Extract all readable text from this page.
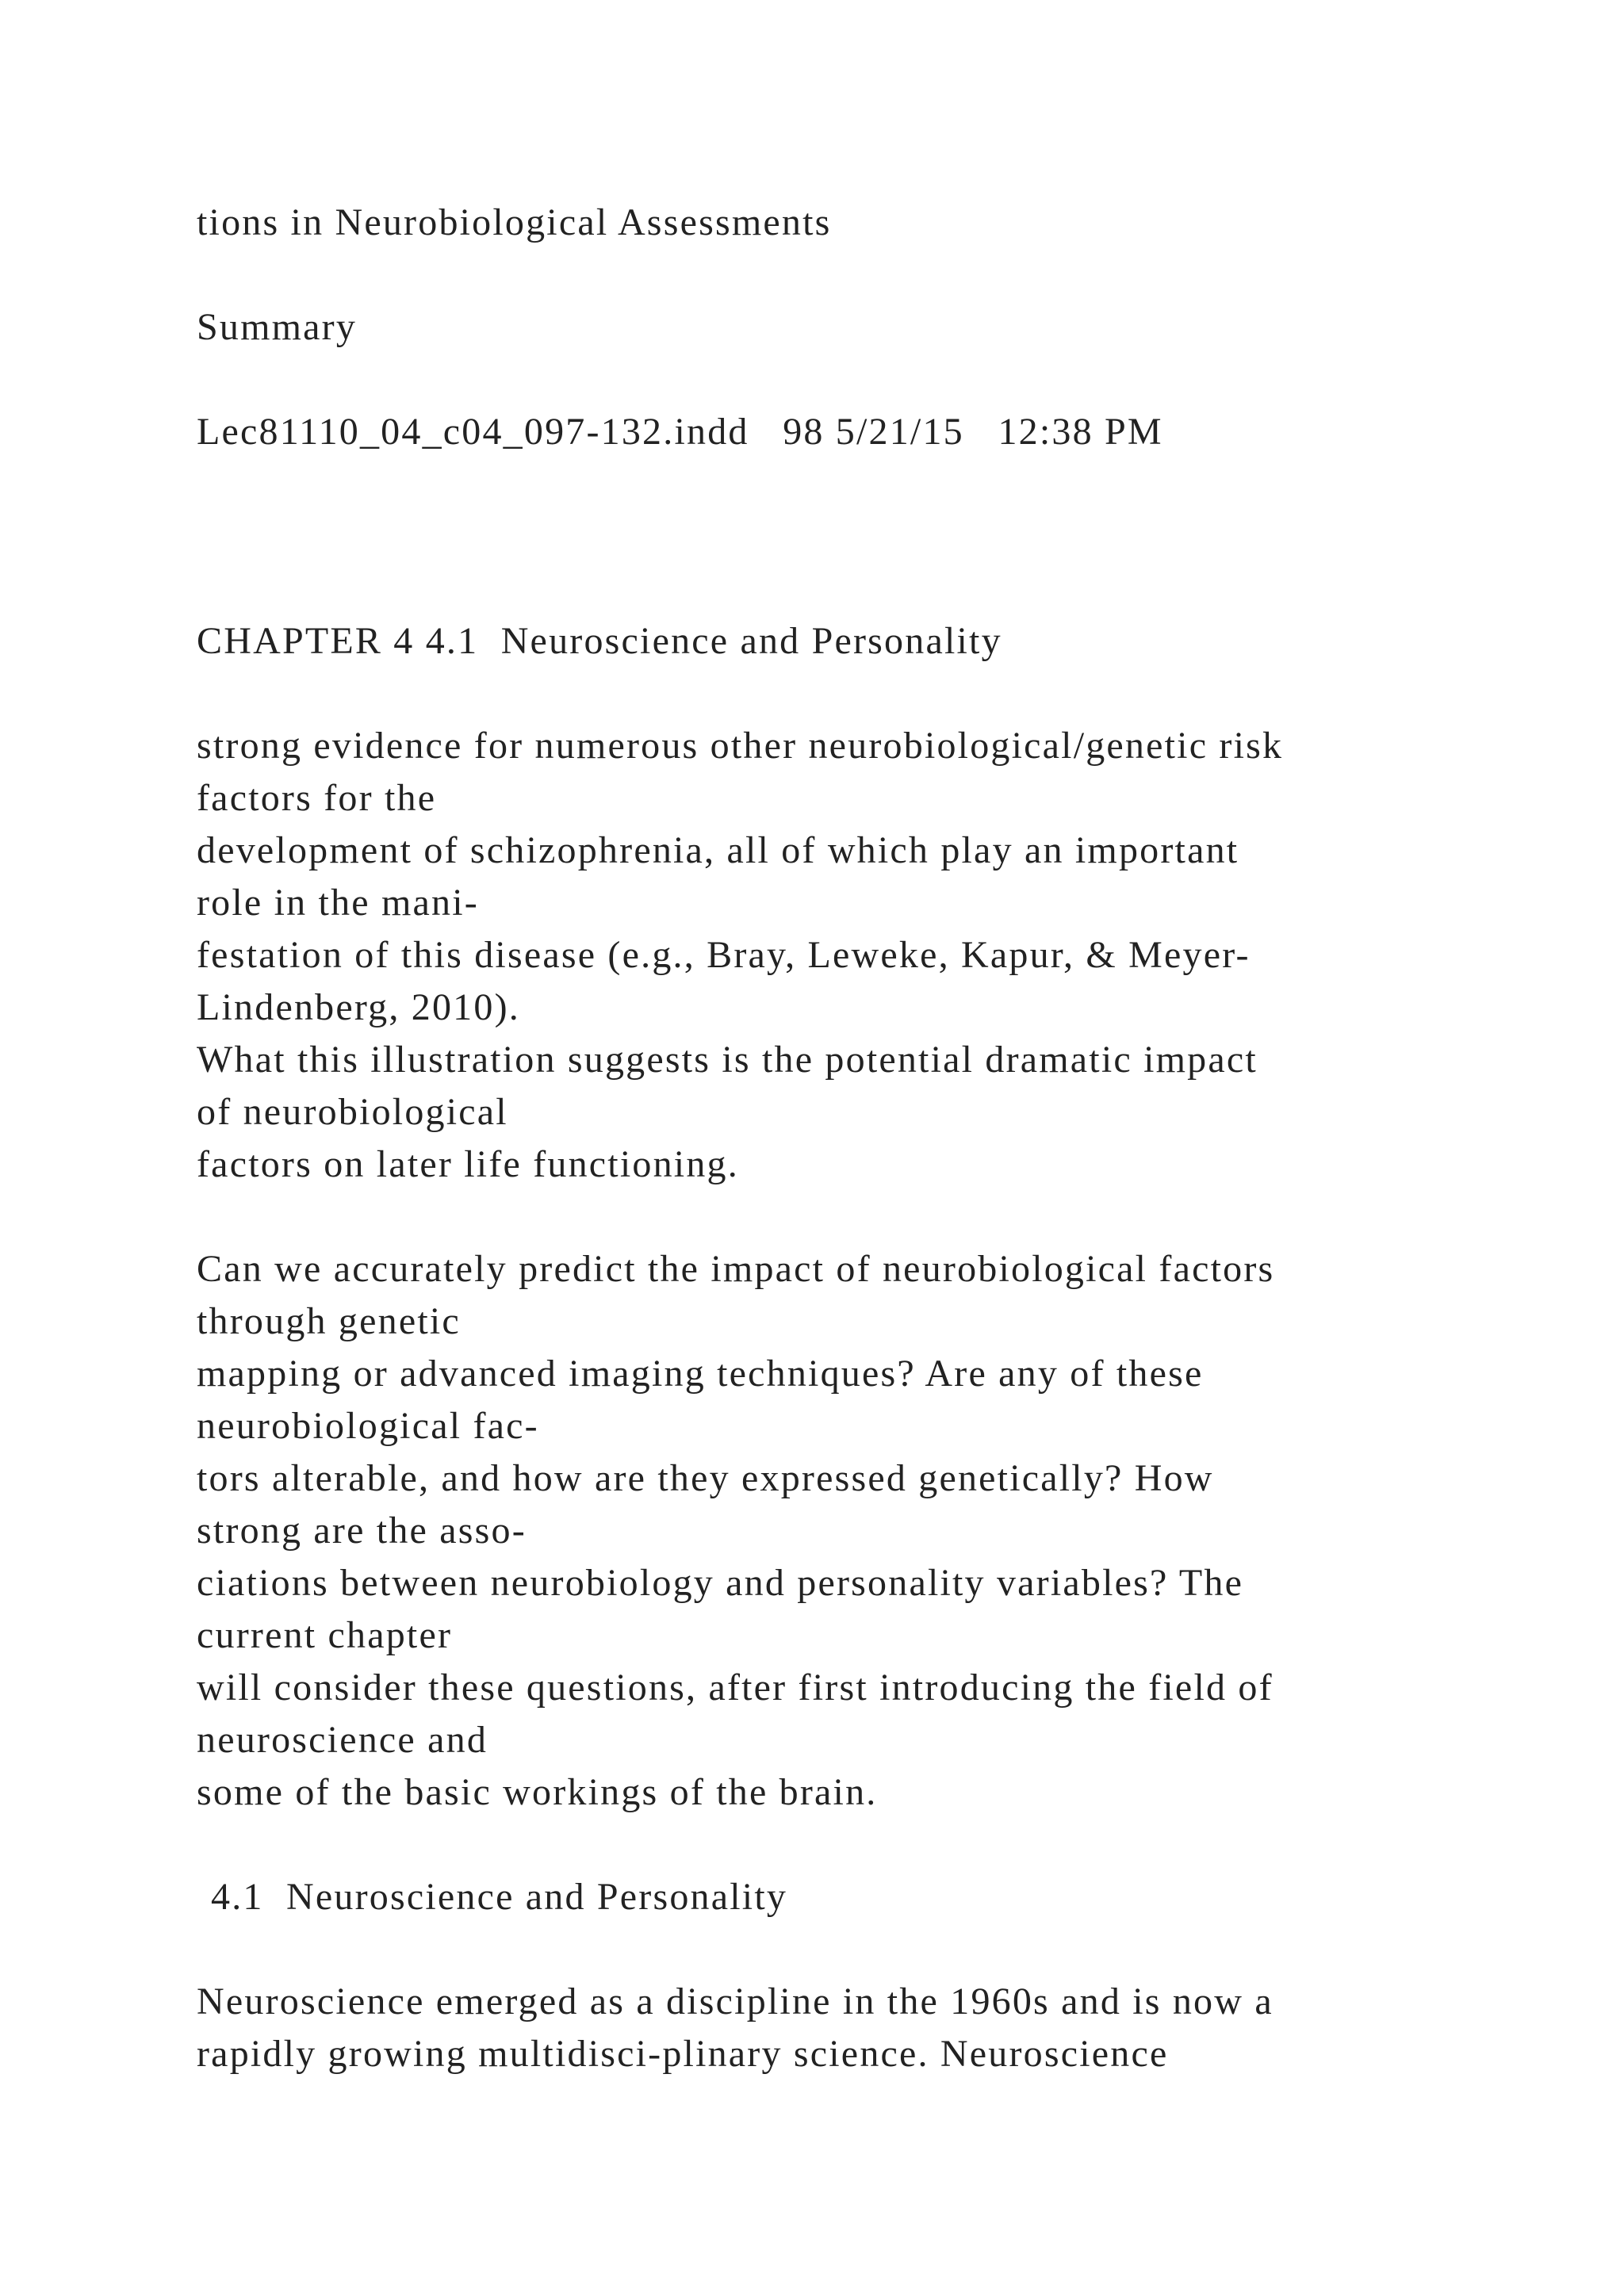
tions in Neurobiological Assessments

Summary

Lec81110_04_c04_097-132.indd   98 5/21/15   12:38 PM

CHAPTER 4 4.1  Neuroscience and Personality

strong evidence for numerous other neurobiological/genetic risk

factors for the

development of schizophrenia, all of which play an important

role in the mani-

festation of this disease (e.g., Bray, Leweke, Kapur, & Meyer-

Lindenberg, 2010).

What this illustration suggests is the potential dramatic impact

of neurobiological

factors on later life functioning.

Can we accurately predict the impact of neurobiological factors

through genetic

mapping or advanced imaging techniques? Are any of these

neurobiological fac-

tors alterable, and how are they expressed genetically? How

strong are the asso-

ciations between neurobiology and personality variables? The

current chapter

will consider these questions, after first introducing the field of

neuroscience and

some of the basic workings of the brain.

4.1  Neuroscience and Personality

Neuroscience emerged as a discipline in the 1960s and is now a

rapidly growing multidisci-plinary science. Neuroscience
